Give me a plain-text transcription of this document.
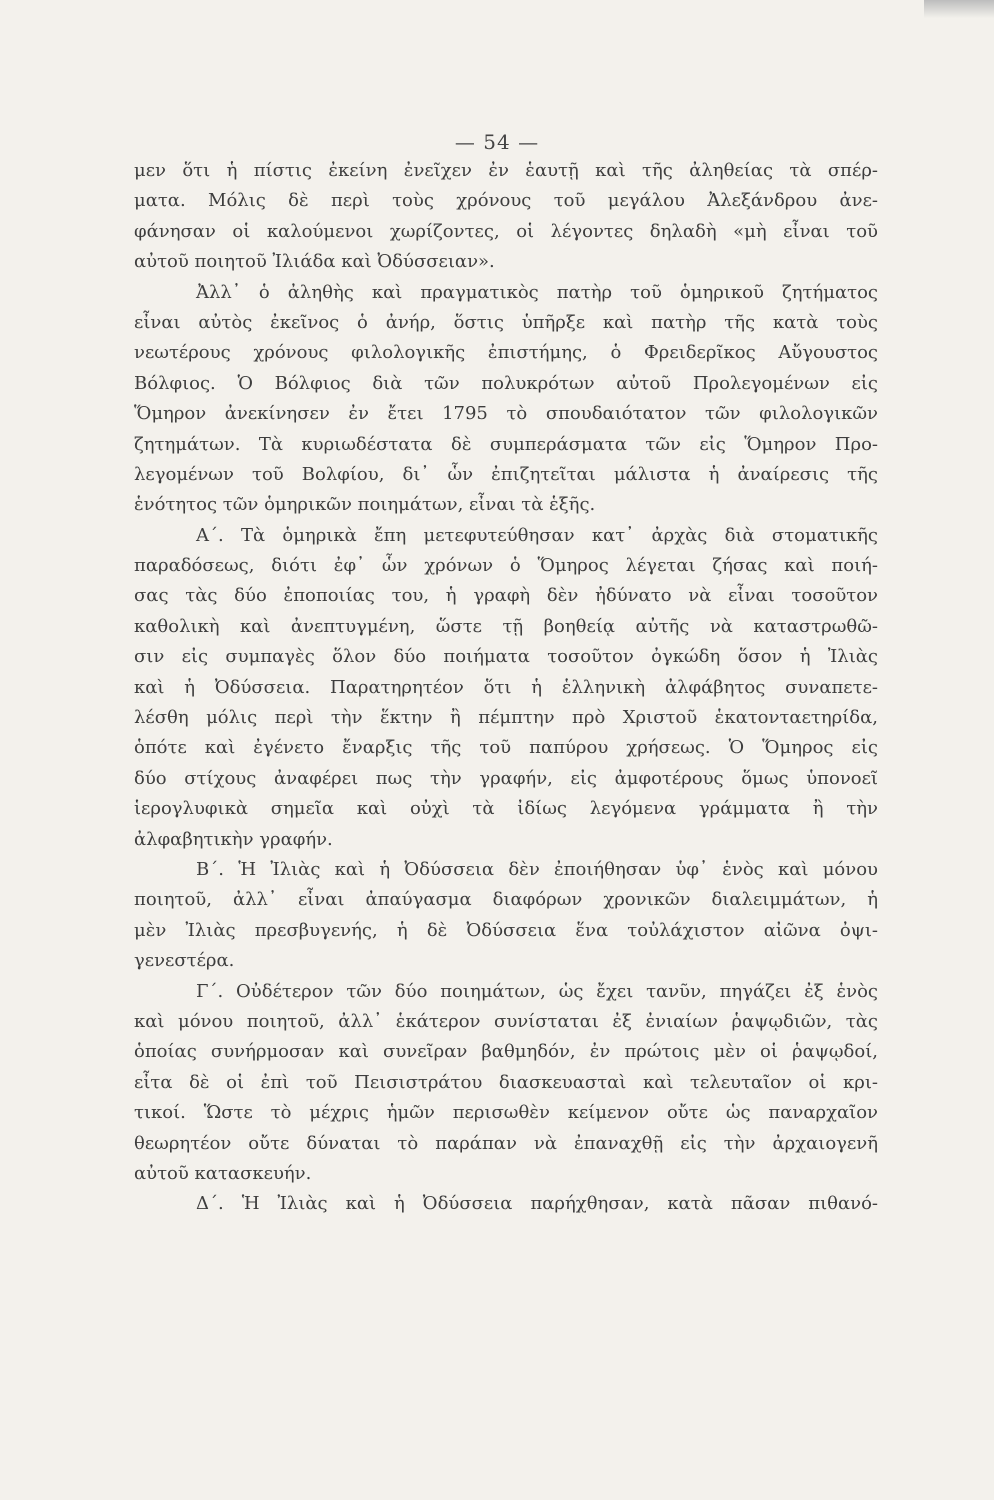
— 54 —
μεν ὅτι ἡ πίστις ἐκείνη ἐνεῖχεν ἐν ἑαυτῇ καὶ τῆς ἀληθείας τὰ σπέρ-
ματα. Μόλις δὲ περὶ τοὺς χρόνους τοῦ μεγάλου Ἀλεξάνδρου ἀνε-
φάνησαν οἱ καλούμενοι χωρίζοντες, οἱ λέγοντες δηλαδὴ «μὴ εἶναι τοῦ
αὐτοῦ ποιητοῦ Ἰλιάδα καὶ Ὀδύσσειαν».
Ἀλλ᾽ ὁ ἀληθὴς καὶ πραγματικὸς πατὴρ τοῦ ὁμηρικοῦ ζητήματος
εἶναι αὐτὸς ἐκεῖνος ὁ ἀνήρ, ὅστις ὑπῆρξε καὶ πατὴρ τῆς κατὰ τοὺς
νεωτέρους χρόνους φιλολογικῆς ἐπιστήμης, ὁ Φρειδερῖκος Αὔγουστος
Βόλφιος. Ὁ Βόλφιος διὰ τῶν πολυκρότων αὐτοῦ Προλεγομένων εἰς
Ὅμηρον ἀνεκίνησεν ἐν ἔτει 1795 τὸ σπουδαιότατον τῶν φιλολογικῶν
ζητημάτων. Τὰ κυριωδέστατα δὲ συμπεράσματα τῶν εἰς Ὅμηρον Προ-
λεγομένων τοῦ Βολφίου, δι᾽ ὧν ἐπιζητεῖται μάλιστα ἡ ἀναίρεσις τῆς
ἑνότητος τῶν ὁμηρικῶν ποιημάτων, εἶναι τὰ ἑξῆς.
Α΄. Τὰ ὁμηρικὰ ἔπη μετεφυτεύθησαν κατ᾽ ἀρχὰς διὰ στοματικῆς
παραδόσεως, διότι ἐφ᾽ ὧν χρόνων ὁ Ὅμηρος λέγεται ζήσας καὶ ποιή-
σας τὰς δύο ἐποποιίας του, ἡ γραφὴ δὲν ἠδύνατο νὰ εἶναι τοσοῦτον
καθολικὴ καὶ ἀνεπτυγμένη, ὥστε τῇ βοηθείᾳ αὐτῆς νὰ καταστρωθῶ-
σιν εἰς συμπαγὲς ὅλον δύο ποιήματα τοσοῦτον ὀγκώδη ὅσον ἡ Ἰλιὰς
καὶ ἡ Ὀδύσσεια. Παρατηρητέον ὅτι ἡ ἑλληνικὴ ἀλφάβητος συναπετε-
λέσθη μόλις περὶ τὴν ἕκτην ἢ πέμπτην πρὸ Χριστοῦ ἑκατονταετηρίδα,
ὁπότε καὶ ἐγένετο ἔναρξις τῆς τοῦ παπύρου χρήσεως. Ὁ Ὅμηρος εἰς
δύο στίχους ἀναφέρει πως τὴν γραφήν, εἰς ἀμφοτέρους ὅμως ὑπονοεῖ
ἱερογλυφικὰ σημεῖα καὶ οὐχὶ τὰ ἰδίως λεγόμενα γράμματα ἢ τὴν
ἀλφαβητικὴν γραφήν.
Β΄. Ἡ Ἰλιὰς καὶ ἡ Ὀδύσσεια δὲν ἐποιήθησαν ὑφ᾽ ἑνὸς καὶ μόνου
ποιητοῦ, ἀλλ᾽ εἶναι ἀπαύγασμα διαφόρων χρονικῶν διαλειμμάτων, ἡ
μὲν Ἰλιὰς πρεσβυγενής, ἡ δὲ Ὀδύσσεια ἕνα τοὐλάχιστον αἰῶνα ὀψι-
γενεστέρα.
Γ΄. Οὐδέτερον τῶν δύο ποιημάτων, ὡς ἔχει τανῦν, πηγάζει ἐξ ἑνὸς
καὶ μόνου ποιητοῦ, ἀλλ᾽ ἑκάτερον συνίσταται ἐξ ἐνιαίων ῥαψῳδιῶν, τὰς
ὁποίας συνήρμοσαν καὶ συνεῖραν βαθμηδόν, ἐν πρώτοις μὲν οἱ ῥαψῳδοί,
εἶτα δὲ οἱ ἐπὶ τοῦ Πεισιστράτου διασκευασταὶ καὶ τελευταῖον οἱ κρι-
τικοί. Ὥστε τὸ μέχρις ἡμῶν περισωθὲν κείμενον οὔτε ὡς παναρχαῖον
θεωρητέον οὔτε δύναται τὸ παράπαν νὰ ἐπαναχθῇ εἰς τὴν ἀρχαιογενῆ
αὐτοῦ κατασκευήν.
Δ΄. Ἡ Ἰλιὰς καὶ ἡ Ὀδύσσεια παρήχθησαν, κατὰ πᾶσαν πιθανό-
